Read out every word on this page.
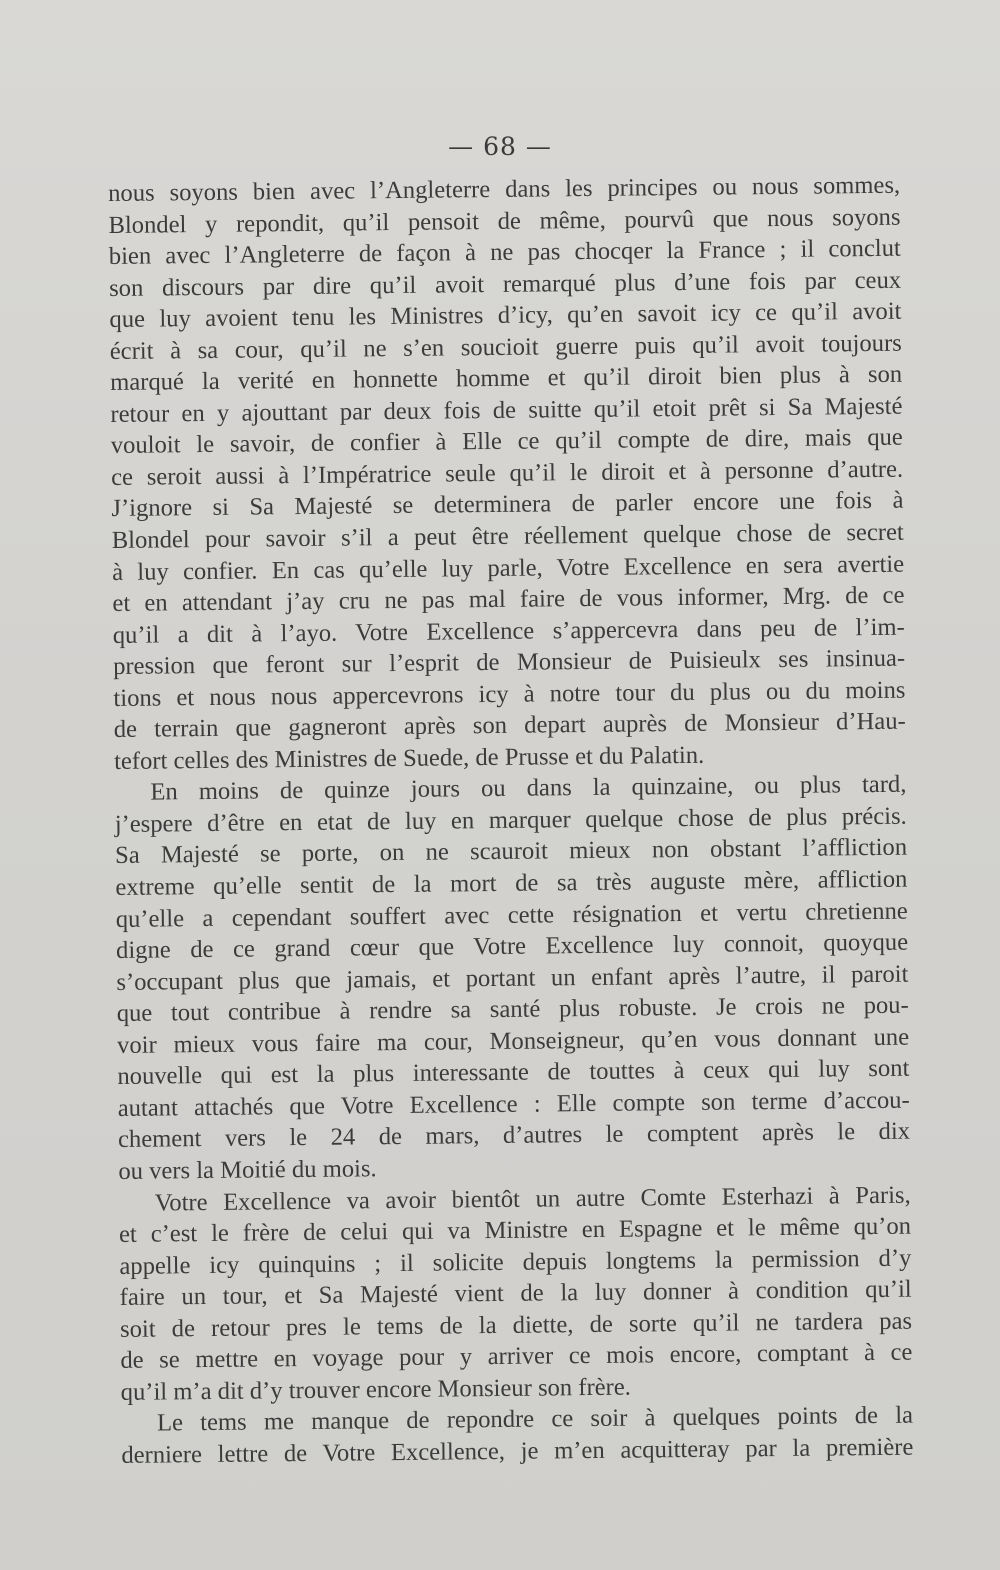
— 68 —
nous soyons bien avec l’Angleterre dans les principes ou nous sommes,
Blondel y repondit, qu’il pensoit de même, pourvû que nous soyons
bien avec l’Angleterre de façon à ne pas chocqer la France ; il conclut
son discours par dire qu’il avoit remarqué plus d’une fois par ceux
que luy avoient tenu les Ministres d’icy, qu’en savoit icy ce qu’il avoit
écrit à sa cour, qu’il ne s’en soucioit guerre puis qu’il avoit toujours
marqué la verité en honnette homme et qu’il diroit bien plus à son
retour en y ajouttant par deux fois de suitte qu’il etoit prêt si Sa Majesté
vouloit le savoir, de confier à Elle ce qu’il compte de dire, mais que
ce seroit aussi à l’Impératrice seule qu’il le diroit et à personne d’autre.
J’ignore si Sa Majesté se determinera de parler encore une fois à
Blondel pour savoir s’il a peut être réellement quelque chose de secret
à luy confier. En cas qu’elle luy parle, Votre Excellence en sera avertie
et en attendant j’ay cru ne pas mal faire de vous informer, Mrg. de ce
qu’il a dit à l’ayo. Votre Excellence s’appercevra dans peu de l’im-
pression que feront sur l’esprit de Monsieur de Puisieulx ses insinua-
tions et nous nous appercevrons icy à notre tour du plus ou du moins
de terrain que gagneront après son depart auprès de Monsieur d’Hau-
tefort celles des Ministres de Suede, de Prusse et du Palatin.
En moins de quinze jours ou dans la quinzaine, ou plus tard,
j’espere d’être en etat de luy en marquer quelque chose de plus précis.
Sa Majesté se porte, on ne scauroit mieux non obstant l’affliction
extreme qu’elle sentit de la mort de sa très auguste mère, affliction
qu’elle a cependant souffert avec cette résignation et vertu chretienne
digne de ce grand cœur que Votre Excellence luy connoit, quoyque
s’occupant plus que jamais, et portant un enfant après l’autre, il paroit
que tout contribue à rendre sa santé plus robuste. Je crois ne pou-
voir mieux vous faire ma cour, Monseigneur, qu’en vous donnant une
nouvelle qui est la plus interessante de touttes à ceux qui luy sont
autant attachés que Votre Excellence : Elle compte son terme d’accou-
chement vers le 24 de mars, d’autres le comptent après le dix
ou vers la Moitié du mois.
Votre Excellence va avoir bientôt un autre Comte Esterhazi à Paris,
et c’est le frère de celui qui va Ministre en Espagne et le même qu’on
appelle icy quinquins ; il solicite depuis longtems la permission d’y
faire un tour, et Sa Majesté vient de la luy donner à condition qu’il
soit de retour pres le tems de la diette, de sorte qu’il ne tardera pas
de se mettre en voyage pour y arriver ce mois encore, comptant à ce
qu’il m’a dit d’y trouver encore Monsieur son frère.
Le tems me manque de repondre ce soir à quelques points de la
derniere lettre de Votre Excellence, je m’en acquitteray par la première
